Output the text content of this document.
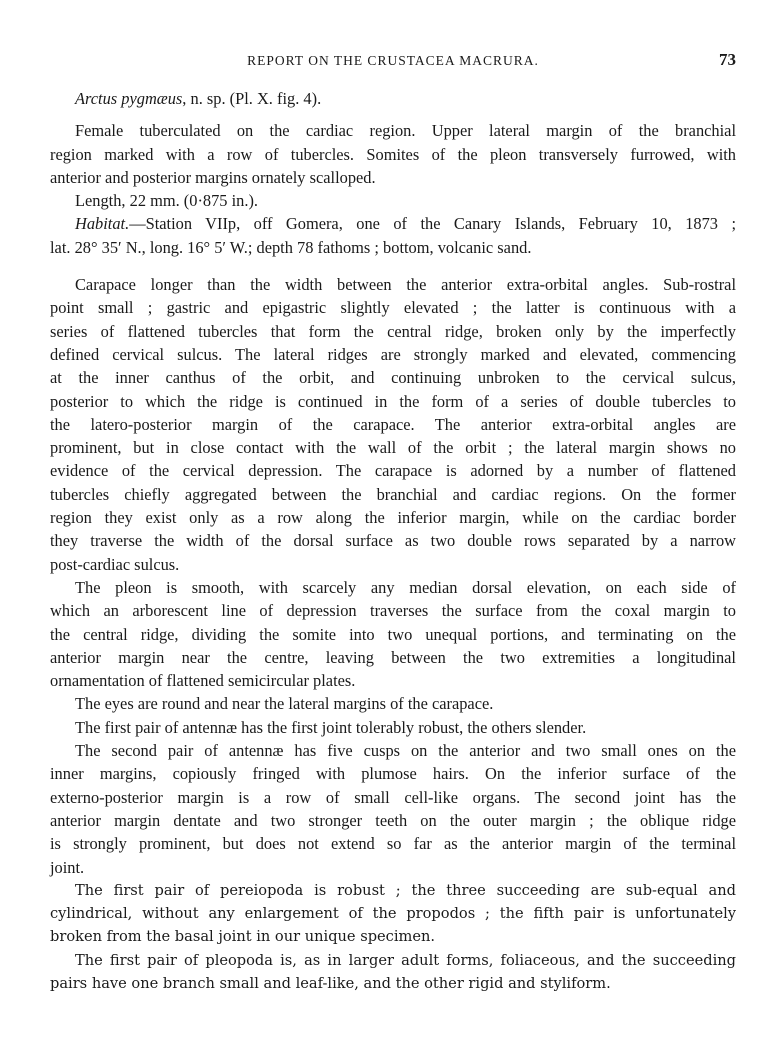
REPORT ON THE CRUSTACEA MACRURA.	73
Arctus pygmæus, n. sp. (Pl. X. fig. 4).
Female tuberculated on the cardiac region. Upper lateral margin of the branchial
region marked with a row of tubercles. Somites of the pleon transversely furrowed, with
anterior and posterior margins ornately scalloped.
Length, 22 mm. (0·875 in.).
Habitat.—Station VIIp, off Gomera, one of the Canary Islands, February 10, 1873 ;
lat. 28° 35′ N., long. 16° 5′ W.; depth 78 fathoms ; bottom, volcanic sand.
Carapace longer than the width between the anterior extra-orbital angles. Sub-rostral
point small ; gastric and epigastric slightly elevated ; the latter is continuous with a
series of flattened tubercles that form the central ridge, broken only by the imperfectly
defined cervical sulcus. The lateral ridges are strongly marked and elevated, commencing
at the inner canthus of the orbit, and continuing unbroken to the cervical sulcus,
posterior to which the ridge is continued in the form of a series of double tubercles to
the latero-posterior margin of the carapace. The anterior extra-orbital angles are
prominent, but in close contact with the wall of the orbit ; the lateral margin shows no
evidence of the cervical depression. The carapace is adorned by a number of flattened
tubercles chiefly aggregated between the branchial and cardiac regions. On the former
region they exist only as a row along the inferior margin, while on the cardiac border
they traverse the width of the dorsal surface as two double rows separated by a narrow
post-cardiac sulcus.
The pleon is smooth, with scarcely any median dorsal elevation, on each side of
which an arborescent line of depression traverses the surface from the coxal margin to
the central ridge, dividing the somite into two unequal portions, and terminating on the
anterior margin near the centre, leaving between the two extremities a longitudinal
ornamentation of flattened semicircular plates.
The eyes are round and near the lateral margins of the carapace.
The first pair of antennæ has the first joint tolerably robust, the others slender.
The second pair of antennæ has five cusps on the anterior and two small ones on the
inner margins, copiously fringed with plumose hairs. On the inferior surface of the
externo-posterior margin is a row of small cell-like organs. The second joint has the
anterior margin dentate and two stronger teeth on the outer margin ; the oblique ridge
is strongly prominent, but does not extend so far as the anterior margin of the terminal
joint.
The first pair of pereiopoda is robust ; the three succeeding are sub-equal and
cylindrical, without any enlargement of the propodos ; the fifth pair is unfortunately
broken from the basal joint in our unique specimen.
The first pair of pleopoda is, as in larger adult forms, foliaceous, and the succeeding
pairs have one branch small and leaf-like, and the other rigid and styliform.
